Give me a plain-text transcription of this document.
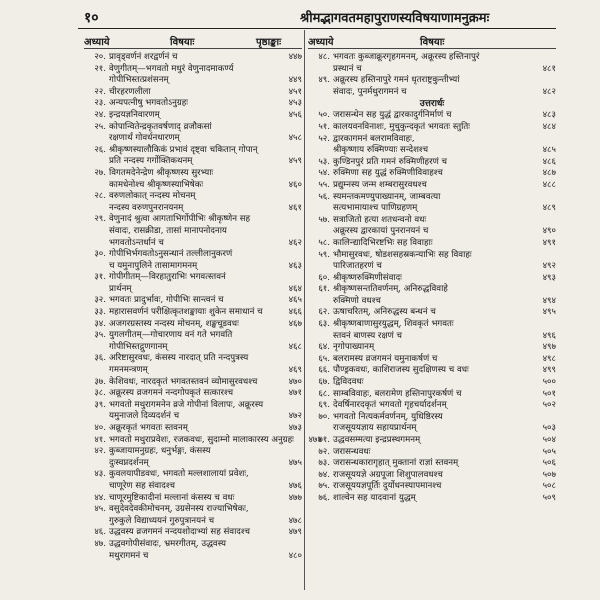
१०	श्रीमद्भागवतमहापुराणस्यविषयाणामनुक्रमः
अध्याये	विषयाः	पृष्ठाङ्काः	अध्याये	विषयाः
२०. प्रावृड्वर्णनं शरद्वर्णनं च	४४७
२१. वेणुगीतम्—भगवतो मधुरं वेणुनादमाकर्ण्य
गोपीभिस्तत्प्रशंसनम्	४४९
२२. चीरहरणलीला	४५१
२३. अन्यपत्नीषु भगवतोऽनुग्रहः	४५३
२४. इन्द्रयज्ञनिवारणम्	४५६
२५. कोपान्वितेन्द्रकृतवर्षणाद् व्रजौकसां
रक्षणार्थं गोवर्धनधारणम्	४५८
२६. श्रीकृष्णस्यालौकिकं प्रभावं दृष्ट्वा चकितान् गोपान्
प्रति नन्दस्य गर्गोक्तिकथनम्	४५९
२७. विगतमदेनेन्द्रेण श्रीकृष्णस्य सुरभ्याः
कामधेनोश्च श्रीकृष्णस्याभिषेकः	४६०
२८. वरुणलोकात् नन्दस्य मोचनम्
नन्दस्य वरुणपुनरानयनम्	४६१
२९. वेणुनादं श्रुत्वा आगताभिर्गोपीभिः श्रीकृष्णेन सह
संवादः, रासक्रीडा, तासां मानापनोदनाय
भगवतोऽन्तर्धानं च	४६२
३०. गोपीभिर्भगवतोऽनुसन्धानं तल्लीलानुकरणं
च यमुनापुलिने तासामागमनम्	४६३
३१. गोपीगीतम्—विरहातुराभिः भगवत्स्तवनं
प्रार्थनम्	४६४
३२. भगवतः प्रादुर्भावः, गोपीभिः सान्त्वनं च	४६५
३३. महारासवर्णनं परीक्षित्कृतशङ्कायाः शुकेन समाधानं च	४६६
३४. अजगरग्रस्तस्य नन्दस्य मोचनम्, शङ्खचूडवधः	४६७
३५. युगलगीतम्—गोचारणाय वनं गते भगवति
गोपीभिस्तद्गुणगानम्	४६८
३६. अरिष्टासुरवधः, कंसस्य नारदात् प्रति नन्दपुत्रस्य
गमनमन्त्रणम्	४६९
३७. केशिवधः, नारदकृतं भगवतस्तवनं व्योमासुरवधश्च	४७०
३८. अक्रूरस्य व्रजगमनं नन्दगोपकृतं सत्कारश्च	४७१
३९. भगवतो मथुरागमनेन व्रजे गोपीनां विलापः, अक्रूरस्य
यमुनाजले दिव्यदर्शनं च	४७२
४०. अक्रूरकृतं भगवतः स्तवनम्	४७३
४१. भगवतो मथुराप्रवेशः, रजकवधः, सुदाम्नो मालाकारस्य अनुग्रहः	४७४
४२. कुब्जायामनुग्रहः, धनुर्भङ्गः, कंसस्य
दुःस्वप्नदर्शनम्	४७५
४३. कुवलयापीडवधः, भगवतो मल्लशालायां प्रवेशः,
चाणूरेण सह संवादश्च	४७६
४४. चाणूरमुष्टिकादीनां मल्लानां कंसस्य च वधः	४७७
४५. वसुदेवदेवकीमोचनम्, उग्रसेनस्य राज्याभिषेकः,
गुरुकुले विद्याध्ययनं गुरुपुत्रानयनं च	४७८
४६. उद्धवस्य व्रजगमनं नन्दयशोदाभ्यां सह संवादश्च	४७९
४७. उद्धवगोपीसंवादः, भ्रमरगीतम्, उद्धवस्य
मथुरागमनं च	४८०
४८. भगवतः कुब्जाक्रूरगृहगमनम्, अक्रूरस्य हस्तिनापुरं
प्रस्थानं च	४८१
४९. अक्रूरस्य हस्तिनापुरे गमनं धृतराष्ट्रकुन्तीभ्यां
संवादः, पुनर्मथुरागमनं च	४८२
उत्तरार्धः
५०. जरासन्धेन सह युद्धं द्वारकादुर्गनिर्माणं च	४८३
५१. कालयवनविनाशः, मुचुकुन्दकृतं भगवतः स्तुतिः	४८४
५२. द्वारकागमनं बलरामविवाहः,
श्रीकृष्णाय रुक्मिण्याः सन्देशश्च	४८५
५३. कुण्डिनपुरं प्रति गमनं रुक्मिणीहरणं च	४८६
५४. रुक्मिणा सह युद्धं रुक्मिणीविवाहश्च	४८७
५५. प्रद्युम्नस्य जन्म शम्बरासुरवधश्च	४८८
५६. स्यमन्तकमण्युपाख्यानम्, जाम्बवत्या
सत्यभामायाश्च पाणिग्रहणम्	४८९
५७. सत्राजितो हत्या शतधन्वनो वधः
अक्रूरस्य द्वारकायां पुनरानयनं च	४९०
५८. कालिन्द्यादिभिरष्टभिः सह विवाहाः	४९१
५९. भौमासुरवधः, षोडशसहस्रकन्याभिः सह विवाहः
पारिजातहरणं च	४९२
६०. श्रीकृष्णरुक्मिणीसंवादः	४९३
६१. श्रीकृष्णसन्ततिवर्णनम्, अनिरुद्धविवाहे
रुक्मिणो वधश्च	४९४
६२. ऊषाचरितम्, अनिरुद्धस्य बन्धनं च	४९५
६३. श्रीकृष्णबाणासुरयुद्धम्, शिवकृतं भगवतः
स्तवनं बाणस्य रक्षणं च	४९६
६४. नृगोपाख्यानम्	४९७
६५. बलरामस्य व्रजगमनं यमुनाकर्षणं च	४९८
६६. पौण्ड्रकवधः, काशिराजस्य सुदक्षिणस्य च वधः	४९९
६७. द्विविदवधः	५००
६८. साम्बविवाहः, बलरामेण हस्तिनापुरकर्षणं च	५०१
६९. देवर्षिनारदकृतं भगवतो गृहचर्यादर्शनम्	५०२
७०. भगवतो नित्यकर्मवर्णनम्, युधिष्ठिरस्य
राजसूययज्ञाय सहायप्रार्थनम्	५०३
७१. उद्धवसम्मत्या इन्द्रप्रस्थगमनम्	५०४
७२. जरासन्धवधः	५०५
७३. जरासन्धकारागृहात् मुक्तानां राज्ञां स्तवनम्	५०६
७४. राजसूययज्ञे अग्रपूजा शिशुपालवधश्च	५०७
७५. राजसूययज्ञपूर्तिः दुर्योधनस्यापमानश्च	५०८
७६. शाल्वेन सह यादवानां युद्धम्	५०९
